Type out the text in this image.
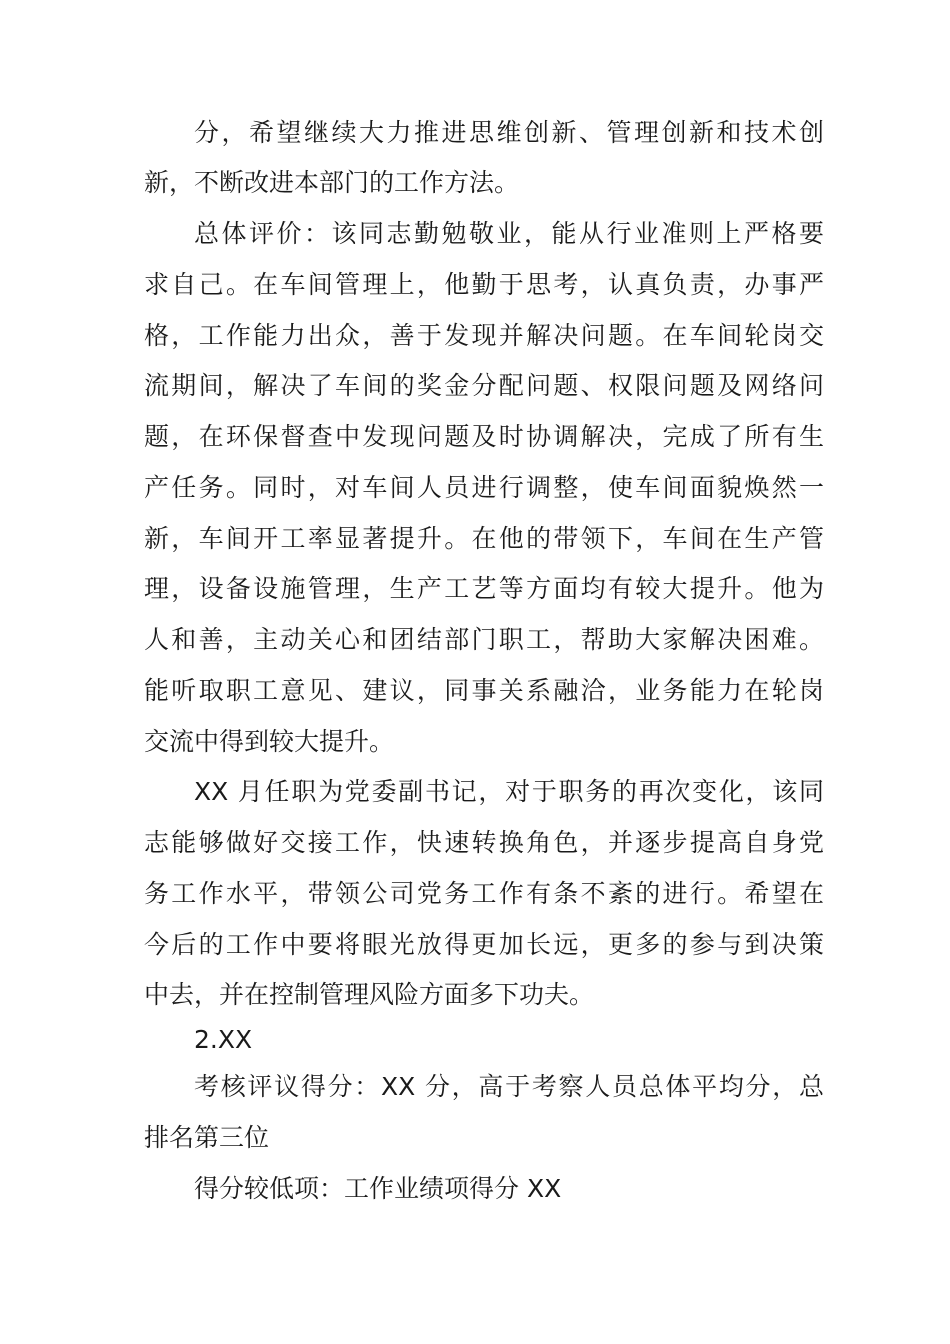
分，希望继续大力推进思维创新、管理创新和技术创
新，不断改进本部门的工作方法。
总体评价：该同志勤勉敬业，能从行业准则上严格要
求自己。在车间管理上，他勤于思考，认真负责，办事严
格，工作能力出众，善于发现并解决问题。在车间轮岗交
流期间，解决了车间的奖金分配问题、权限问题及网络问
题，在环保督查中发现问题及时协调解决，完成了所有生
产任务。同时，对车间人员进行调整，使车间面貌焕然一
新，车间开工率显著提升。在他的带领下，车间在生产管
理，设备设施管理，生产工艺等方面均有较大提升。他为
人和善，主动关心和团结部门职工，帮助大家解决困难。
能听取职工意见、建议，同事关系融洽，业务能力在轮岗
交流中得到较大提升。
XX 月任职为党委副书记，对于职务的再次变化，该同
志能够做好交接工作，快速转换角色，并逐步提高自身党
务工作水平，带领公司党务工作有条不紊的进行。希望在
今后的工作中要将眼光放得更加长远，更多的参与到决策
中去，并在控制管理风险方面多下功夫。
2.XX
考核评议得分：XX 分，高于考察人员总体平均分，总
排名第三位
得分较低项：工作业绩项得分 XX
